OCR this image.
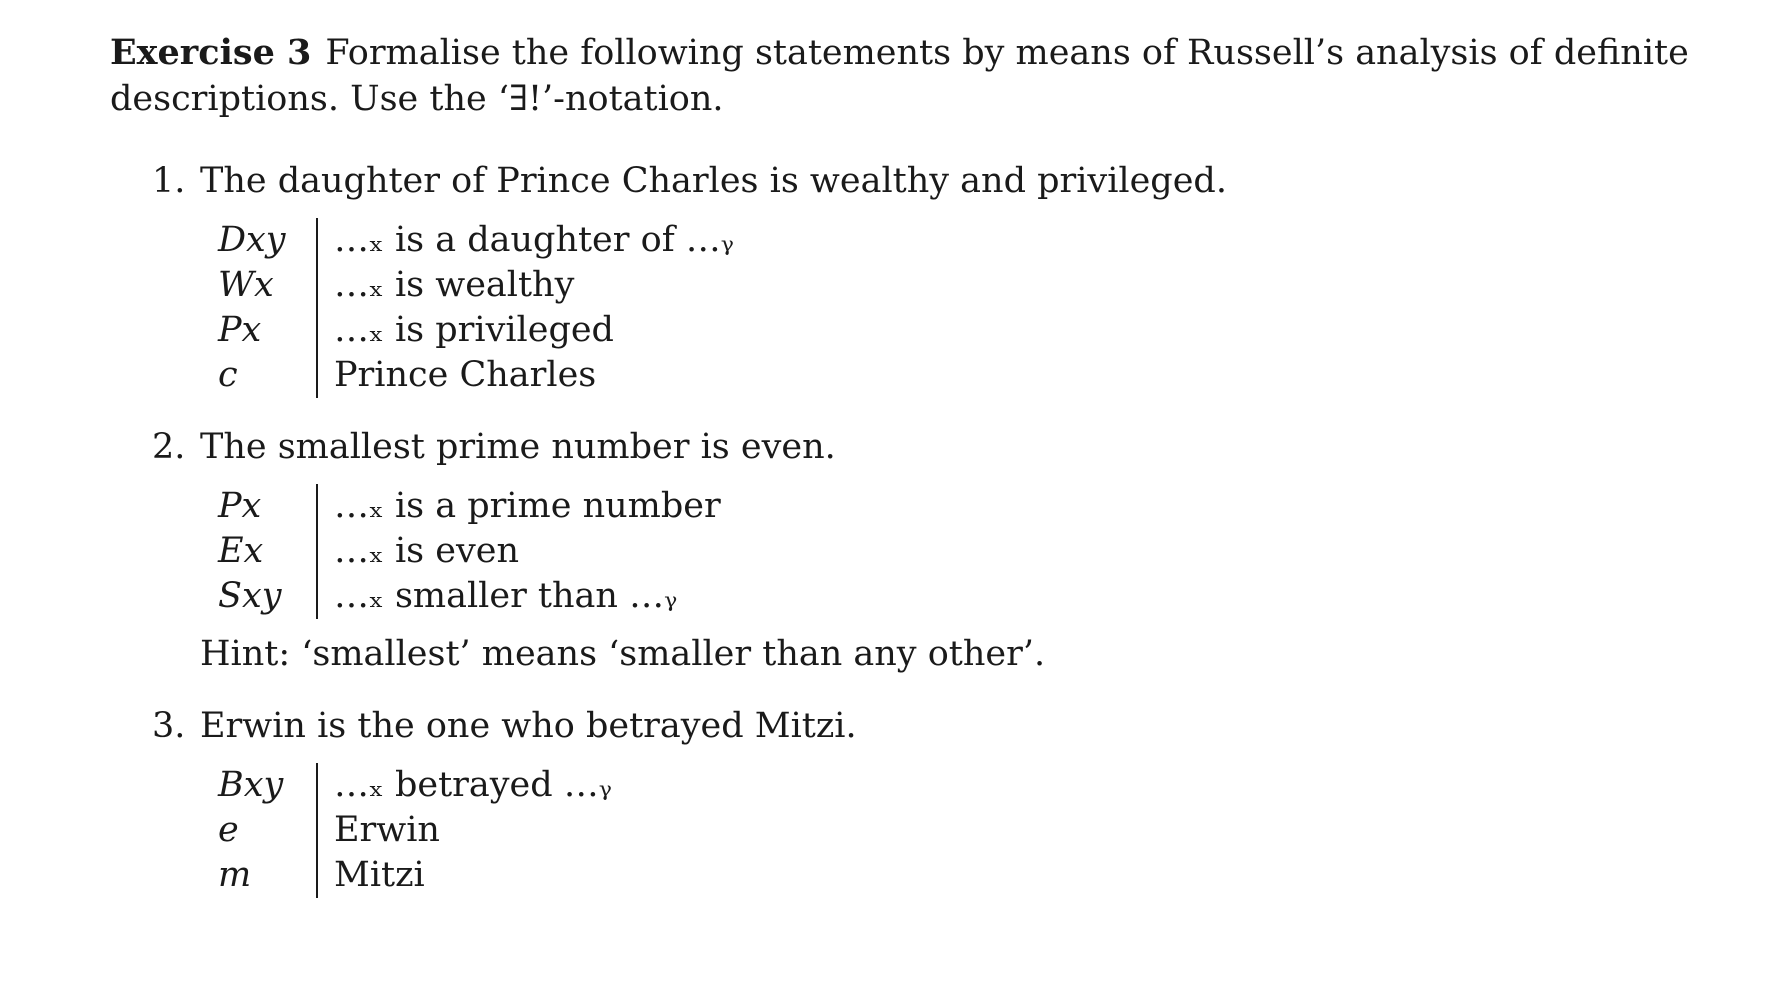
Exercise 3 Formalise the following statements by means of Russell’s analysis of definite descriptions. Use the ‘∃!’-notation.

1. The daughter of Prince Charles is wealthy and privileged.
Dxy	…ₓ is a daughter of …ᵧ
Wx	…ₓ is wealthy
Px	…ₓ is privileged
c	Prince Charles
2. The smallest prime number is even.
Px	…ₓ is a prime number
Ex	…ₓ is even
Sxy	…ₓ smaller than …ᵧ
Hint: ‘smallest’ means ‘smaller than any other’.
3. Erwin is the one who betrayed Mitzi.
Bxy	…ₓ betrayed …ᵧ
e	Erwin
m	Mitzi
